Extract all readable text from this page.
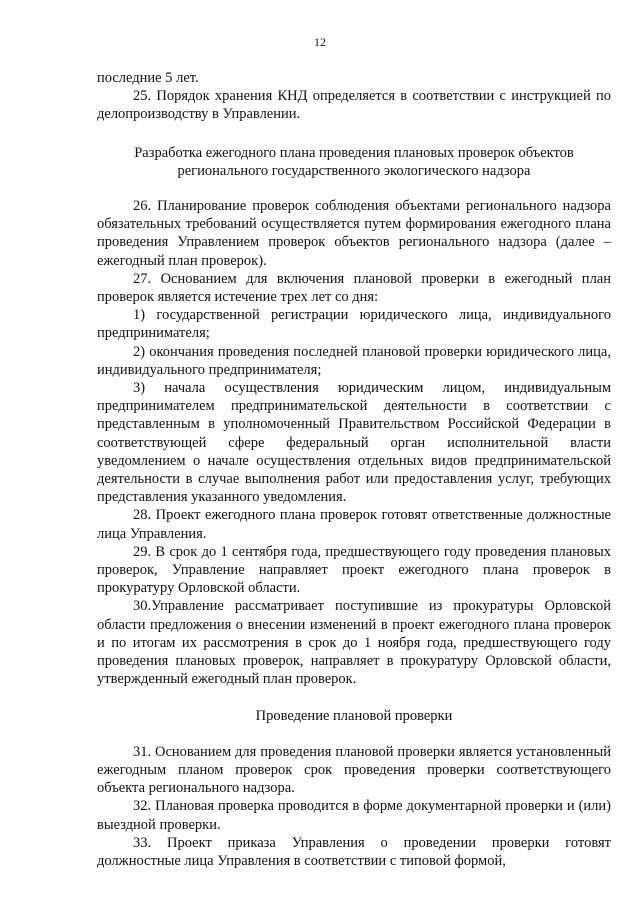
12

последние 5 лет.

25. Порядок хранения КНД определяется в соответствии с инструкцией по делопроизводству в Управлении.

Разработка ежегодного плана проведения плановых проверок объектов регионального государственного экологического надзора

26. Планирование проверок соблюдения объектами регионального надзора обязательных требований осуществляется путем формирования ежегодного плана проведения Управлением проверок объектов регионального надзора (далее – ежегодный план проверок).

27. Основанием для включения плановой проверки в ежегодный план проверок является истечение трех лет со дня:

1) государственной регистрации юридического лица, индивидуального предпринимателя;

2) окончания проведения последней плановой проверки юридического лица, индивидуального предпринимателя;

3) начала осуществления юридическим лицом, индивидуальным предпринимателем предпринимательской деятельности в соответствии с представленным в уполномоченный Правительством Российской Федерации в соответствующей сфере федеральный орган исполнительной власти уведомлением о начале осуществления отдельных видов предпринимательской деятельности в случае выполнения работ или предоставления услуг, требующих представления указанного уведомления.

28. Проект ежегодного плана проверок готовят ответственные должностные лица Управления.

29. В срок до 1 сентября года, предшествующего году проведения плановых проверок, Управление направляет проект ежегодного плана проверок в прокуратуру Орловской области.

30.Управление рассматривает поступившие из прокуратуры Орловской области предложения о внесении изменений в проект ежегодного плана проверок и по итогам их рассмотрения в срок до 1 ноября года, предшествующего году проведения плановых проверок, направляет в прокуратуру Орловской области, утвержденный ежегодный план проверок.

Проведение плановой проверки

31. Основанием для проведения плановой проверки является установленный ежегодным планом проверок срок проведения проверки соответствующего объекта регионального надзора.

32. Плановая проверка проводится в форме документарной проверки и (или) выездной проверки.

33. Проект приказа Управления о проведении проверки готовят должностные лица Управления в соответствии с типовой формой,
